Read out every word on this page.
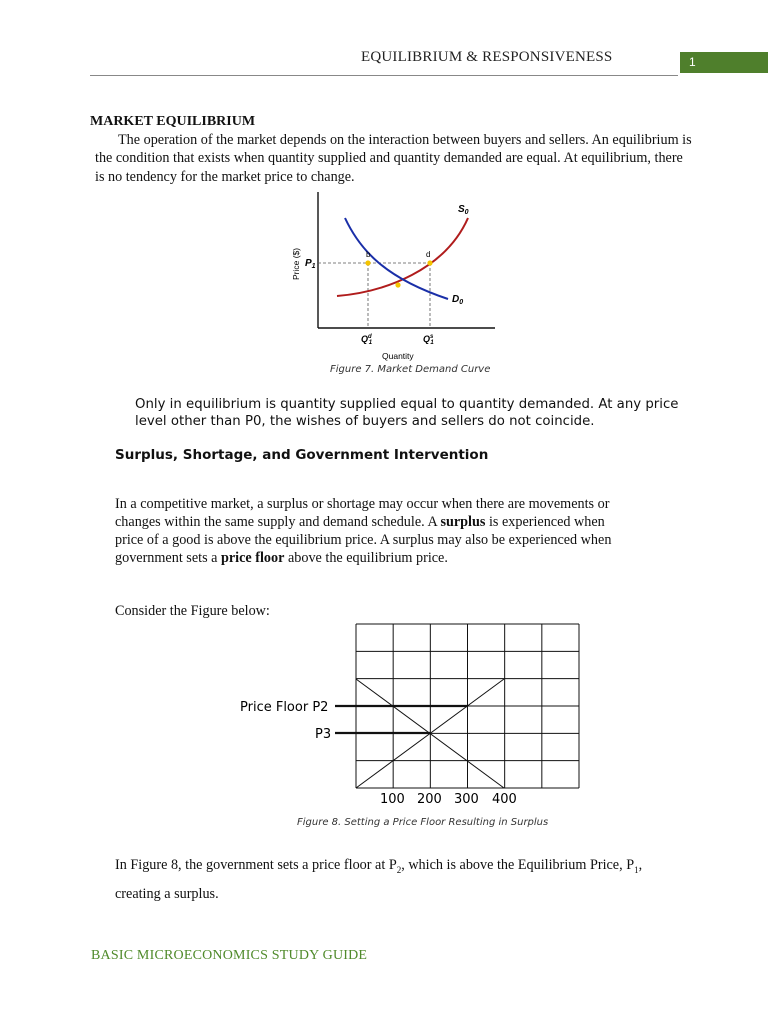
EQUILIBRIUM & RESPONSIVENESS	1
MARKET EQUILIBRIUM

The operation of the market depends on the interaction between buyers and sellers. An equilibrium is the condition that exists when quantity supplied and quantity demanded are equal. At equilibrium, there is no tendency for the market price to change.

Price ($) $P_1$
$S_0$
$D_0$
b	d
$Q^d$ 1	$Q^s$ 1
Quantity
Figure 7. Market Demand Curve

Only in equilibrium is quantity supplied equal to quantity demanded. At any price level other than P0, the wishes of buyers and sellers do not coincide.

Surplus, Shortage, and Government Intervention

In a competitive market, a surplus or shortage may occur when there are movements or changes within the same supply and demand schedule. A surplus is experienced when price of a good is above the equilibrium price. A surplus may also be experienced when government sets a price floor above the equilibrium price.

Consider the Figure below:
Price Floor P2
P3
100 200 300 400
Figure 8. Setting a Price Floor Resulting in Surplus

In Figure 8, the government sets a price floor at $P_2$, which is above the Equilibrium Price, $P_1$, creating a surplus.

BASIC MICROECONOMICS STUDY GUIDE
